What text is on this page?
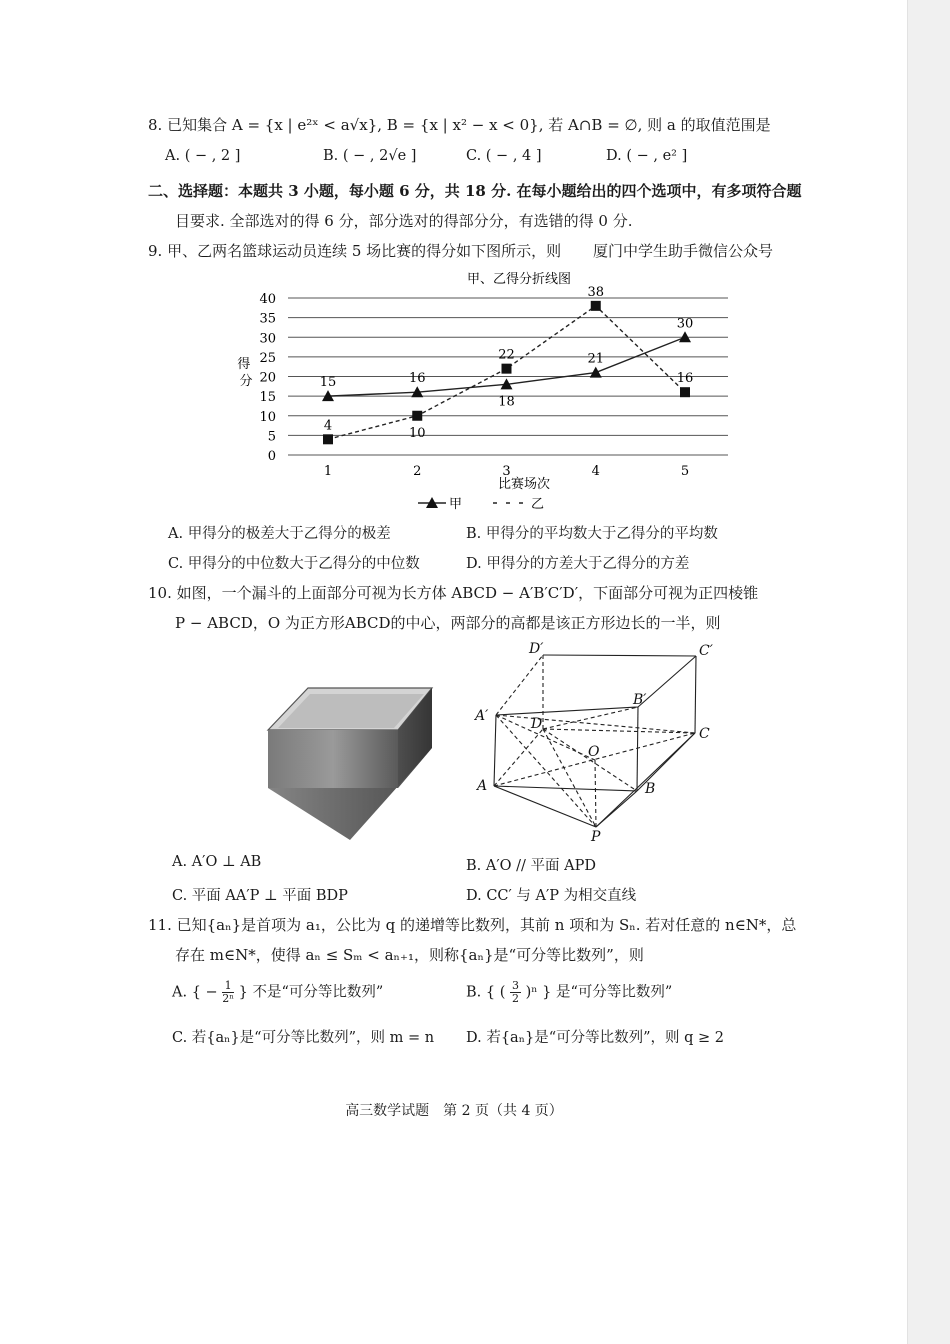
8. 已知集合 A = {x | e²ˣ < a√x}, B = {x | x² − x < 0}, 若 A∩B = ∅, 则 a 的取值范围是
A. ( − , 2 ]	B. ( − , 2√e ]	C. ( − , 4 ]	D. ( − , e² ]
二、选择题：本题共 3 小题，每小题 6 分，共 18 分. 在每小题给出的四个选项中，有多项符合题
目要求. 全部选对的得 6 分，部分选对的得部分分，有选错的得 0 分.
9. 甲、乙两名篮球运动员连续 5 场比赛的得分如下图所示，则 厦门中学生助手微信公众号
甲、乙得分折线图
0
5
10
15
20
25
30
35
40
1	2	3	4	5
得 分
比赛场次
15	16
18
21
30
4	10
22
38
16
甲	乙
A. 甲得分的极差大于乙得分的极差	B. 甲得分的平均数大于乙得分的平均数
C. 甲得分的中位数大于乙得分的中位数	D. 甲得分的方差大于乙得分的方差
10. 如图，一个漏斗的上面部分可视为长方体 ABCD − A′B′C′D′，下面部分可视为正四棱锥
P − ABCD，O 为正方形ABCD的中心，两部分的高都是该正方形边长的一半，则
D′	C′
B′
A′	D
C
O
A	B
P
A. A′O ⊥ AB	B. A′O // 平面 APD
C. 平面 AA′P ⊥ 平面 BDP	D. CC′ 与 A′P 为相交直线
11. 已知{aₙ}是首项为 a₁，公比为 q 的递增等比数列，其前 n 项和为 Sₙ. 若对任意的 n∈N*，总
存在 m∈N*，使得 aₙ ≤ Sₘ < aₙ₊₁，则称{aₙ}是“可分等比数列”，则
A. { − $\frac{1}{\text{2ⁿ}}$ } 不是“可分等比数列”	B. { ( $\frac{3}{2} )^n$ } 是“可分等比数列”
C. 若{aₙ}是“可分等比数列”，则 m = n D. 若{aₙ}是“可分等比数列”，则 q ≥ 2
高三数学试题　第 2 页（共 4 页）
